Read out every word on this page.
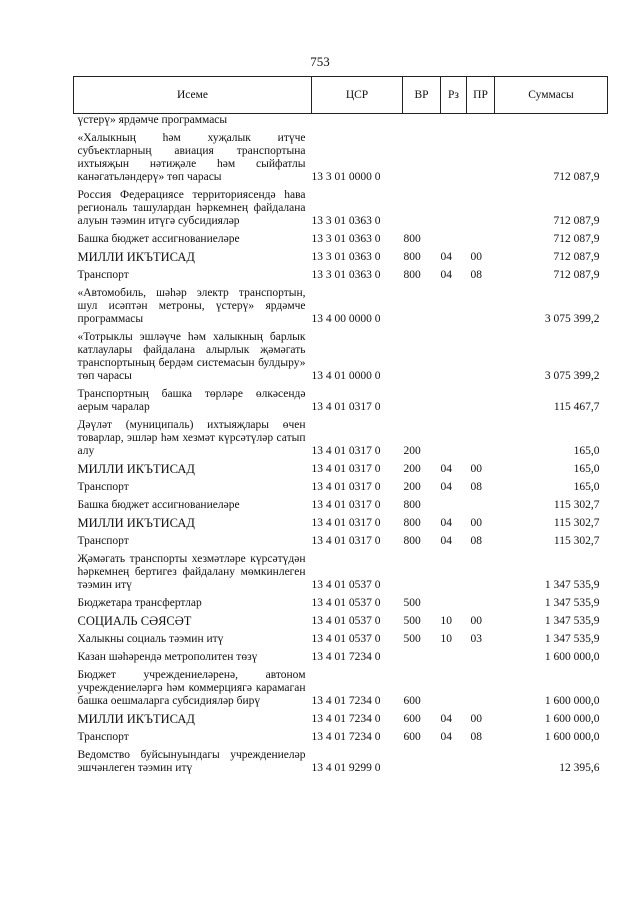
753
Исеме	ЦСР	ВР	Рз	ПР	Суммасы
үстерү» ярдәмче программасы					
«Халыкның һәм хуҗалык итүче субъектларның авиация транспортына ихтыяҗын нәтиҗәле һәм сыйфатлы канәгатьләндерү» төп чарасы	13 3 01 0000 0				712 087,9
Россия Федерациясе территориясендә һава региональ ташулардан һәркемнең файдалана алуын тәэмин итүгә субсидияләр	13 3 01 0363 0				712 087,9
Башка бюджет ассигнованиеләре	13 3 01 0363 0	800			712 087,9
МИЛЛИ ИКЪТИСАД	13 3 01 0363 0	800	04	00	712 087,9
Транспорт	13 3 01 0363 0	800	04	08	712 087,9
«Автомобиль, шәһәр электр транспортын, шул исәптән метроны, үстерү» ярдәмче программасы	13 4 00 0000 0				3 075 399,2
«Тотрыклы эшләүче һәм халыкның барлык катлаулары файдалана алырлык җәмәгать транспортының бердәм системасын булдыру» төп чарасы	13 4 01 0000 0				3 075 399,2
Транспортның башка төрләре өлкәсендә аерым чаралар	13 4 01 0317 0				115 467,7
Дәүләт (муниципаль) ихтыяҗлары өчен товарлар, эшләр һәм хезмәт күрсәтүләр сатып алу	13 4 01 0317 0	200			165,0
МИЛЛИ ИКЪТИСАД	13 4 01 0317 0	200	04	00	165,0
Транспорт	13 4 01 0317 0	200	04	08	165,0
Башка бюджет ассигнованиеләре	13 4 01 0317 0	800			115 302,7
МИЛЛИ ИКЪТИСАД	13 4 01 0317 0	800	04	00	115 302,7
Транспорт	13 4 01 0317 0	800	04	08	115 302,7
Җәмәгать транспорты хезмәтләре күрсәтүдән һәркемнең бертигез файдалану мөмкинлеген тәэмин итү	13 4 01 0537 0				1 347 535,9
Бюджетара трансфертлар	13 4 01 0537 0	500			1 347 535,9
СОЦИАЛЬ СӘЯСӘТ	13 4 01 0537 0	500	10	00	1 347 535,9
Халыкны социаль тәэмин итү	13 4 01 0537 0	500	10	03	1 347 535,9
Казан шәһәрендә метрополитен төзү	13 4 01 7234 0				1 600 000,0
Бюджет учреждениеләренә, автоном учреждениеләргә һәм коммерциягә карамаган башка оешмаларга субсидияләр бирү	13 4 01 7234 0	600			1 600 000,0
МИЛЛИ ИКЪТИСАД	13 4 01 7234 0	600	04	00	1 600 000,0
Транспорт	13 4 01 7234 0	600	04	08	1 600 000,0
Ведомство буйсынуындагы учреждениеләр эшчәнлеген тәэмин итү	13 4 01 9299 0				12 395,6
